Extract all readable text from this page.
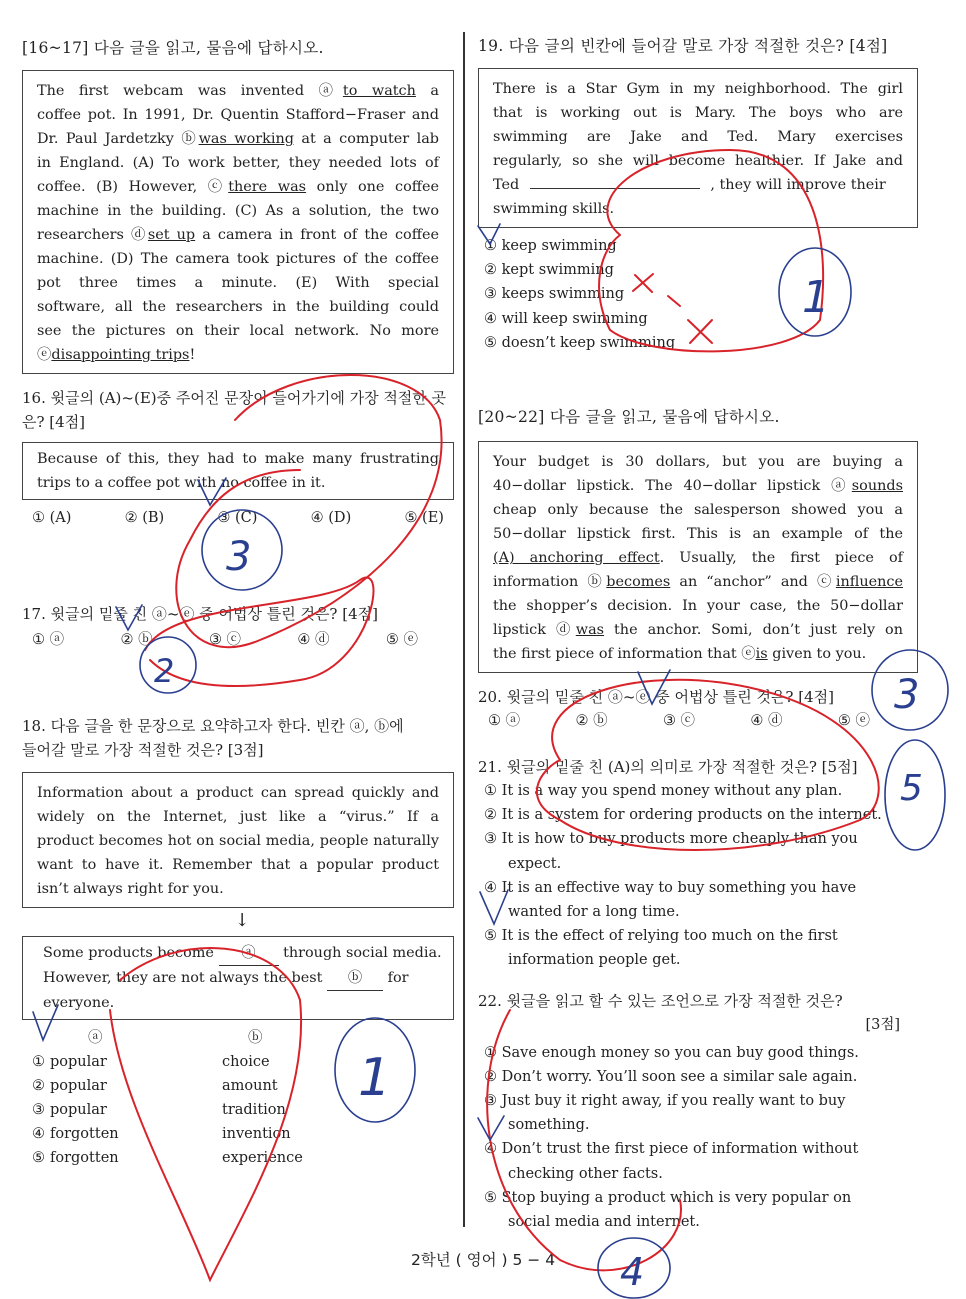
[16~17] 다음 글을 읽고, 물음에 답하시오.

The first webcam was invented ⓐto watch a
coffee pot. In 1991, Dr. Quentin Stafford−Fraser and
Dr. Paul Jardetzky ⓑwas working at a computer lab
in England. (A) To work better, they needed lots of
coffee. (B) However, ⓒthere was only one coffee
machine in the building. (C) As a solution, the two
researchers ⓓset up a camera in front of the coffee
machine. (D) The camera took pictures of the coffee
pot three times a minute. (E) With special
software, all the researchers in the building could
see the pictures on their local network. No more
ⓔdisappointing trips!

16. 윗글의 (A)~(E)중 주어진 문장이 들어가기에 가장 적절한 곳은? [4점]

Because of this, they had to make many frustrating
trips to a coffee pot with no coffee in it.
① (A)	② (B)	③ (C)	④ (D)	⑤ (E)

17. 윗글의 밑줄 친 ⓐ~ⓔ 중 어법상 틀린 것은? [4점]

① ⓐ	② ⓑ	③ ⓒ	④ ⓓ	⑤ ⓔ

18. 다음 글을 한 문장으로 요약하고자 한다. 빈칸 ⓐ, ⓑ에

들어갈 말로 가장 적절한 것은? [3점]

Information about a product can spread quickly and
widely on the Internet, just like a “virus.” If a
product becomes hot on social media, people naturally
want to have it. Remember that a popular product
isn’t always right for you.
↓
Some products become ⓐ through social media.
However, they are not always the best ⓑ for
everyone.
ⓐ	ⓑ
① popular	choice
② popular	amount
③ popular	tradition
④ forgotten	invention
⑤ forgotten	experience

19. 다음 글의 빈칸에 들어갈 말로 가장 적절한 것은? [4점]

There is a Star Gym in my neighborhood. The girl
that is working out is Mary. The boys who are
swimming are Jake and Ted. Mary exercises
regularly, so she will become healthier. If Jake and
Ted	, they will improve their
swimming skills.
① keep swimming
② kept swimming
③ keeps swimming
④ will keep swimming
⑤ doesn’t keep swimming

[20~22] 다음 글을 읽고, 물음에 답하시오.

Your budget is 30 dollars, but you are buying a
40−dollar lipstick. The 40−dollar lipstick ⓐsounds
cheap only because the salesperson showed you a
50−dollar lipstick first. This is an example of the
(A) anchoring effect. Usually, the first piece of
information ⓑbecomes an “anchor” and ⓒinfluence
the shopper’s decision. In your case, the 50−dollar
lipstick ⓓwas the anchor. Somi, don’t just rely on
the first piece of information that ⓔis given to you.

20. 윗글의 밑줄 친 ⓐ~ⓔ 중 어법상 틀린 것은? [4점]

① ⓐ	② ⓑ	③ ⓒ	④ ⓓ	⑤ ⓔ

21. 윗글의 밑줄 친 (A)의 의미로 가장 적절한 것은? [5점]

① It is a way you spend money without any plan.
② It is a system for ordering products on the internet.
③ It is how to buy products more cheaply than you
expect.
④ It is an effective way to buy something you have
wanted for a long time.
⑤ It is the effect of relying too much on the first
information people get.

22. 윗글을 읽고 할 수 있는 조언으로 가장 적절한 것은?

[3점]
① Save enough money so you can buy good things.
② Don’t worry. You’ll soon see a similar sale again.
③ Just buy it right away, if you really want to buy
something.
④ Don’t trust the first piece of information without
checking other facts.
⑤ Stop buying a product which is very popular on
social media and internet.
2학년 ( 영어 ) 5 − 4
3
2
1
1
3
5
4
